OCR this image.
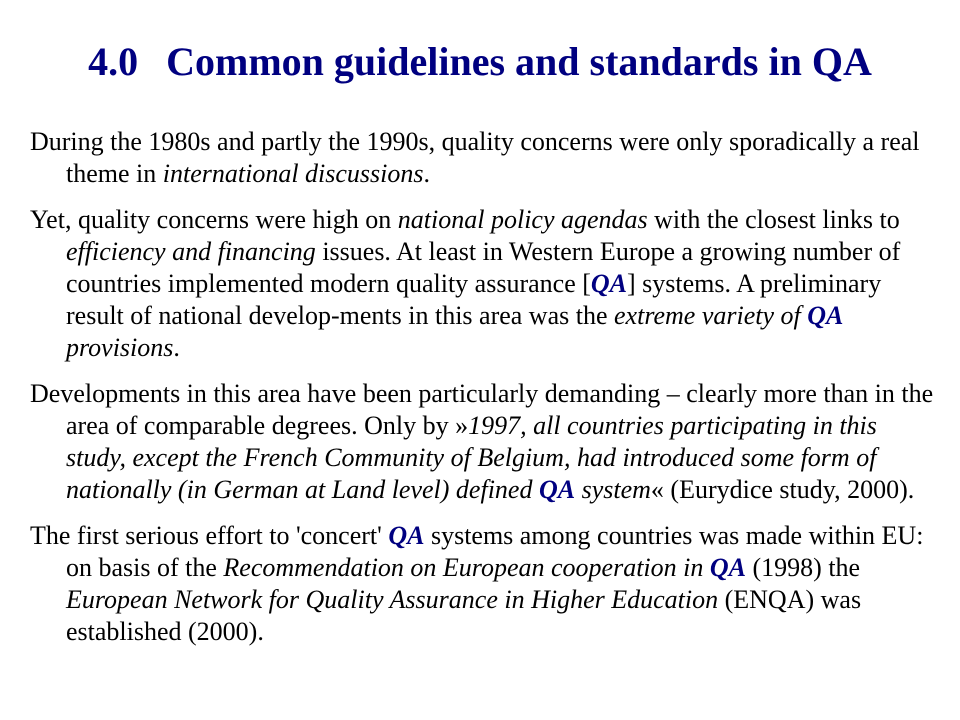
4.0 Common guidelines and standards in QA

During the 1980s and partly the 1990s, quality concerns were only sporadically a real theme in international discussions.

Yet, quality concerns were high on national policy agendas with the closest links to efficiency and financing issues. At least in Western Europe a growing number of countries implemented modern quality assurance [QA] systems. A preliminary result of national develop-ments in this area was the extreme variety of QA provisions.

Developments in this area have been particularly demanding – clearly more than in the area of comparable degrees. Only by »1997, all countries participating in this study, except the French Community of Belgium, had introduced some form of nationally (in German at Land level) defined QA system« (Eurydice study, 2000).

The first serious effort to 'concert' QA systems among countries was made within EU: on basis of the Recommendation on European cooperation in QA (1998) the European Network for Quality Assurance in Higher Education (ENQA) was established (2000).
